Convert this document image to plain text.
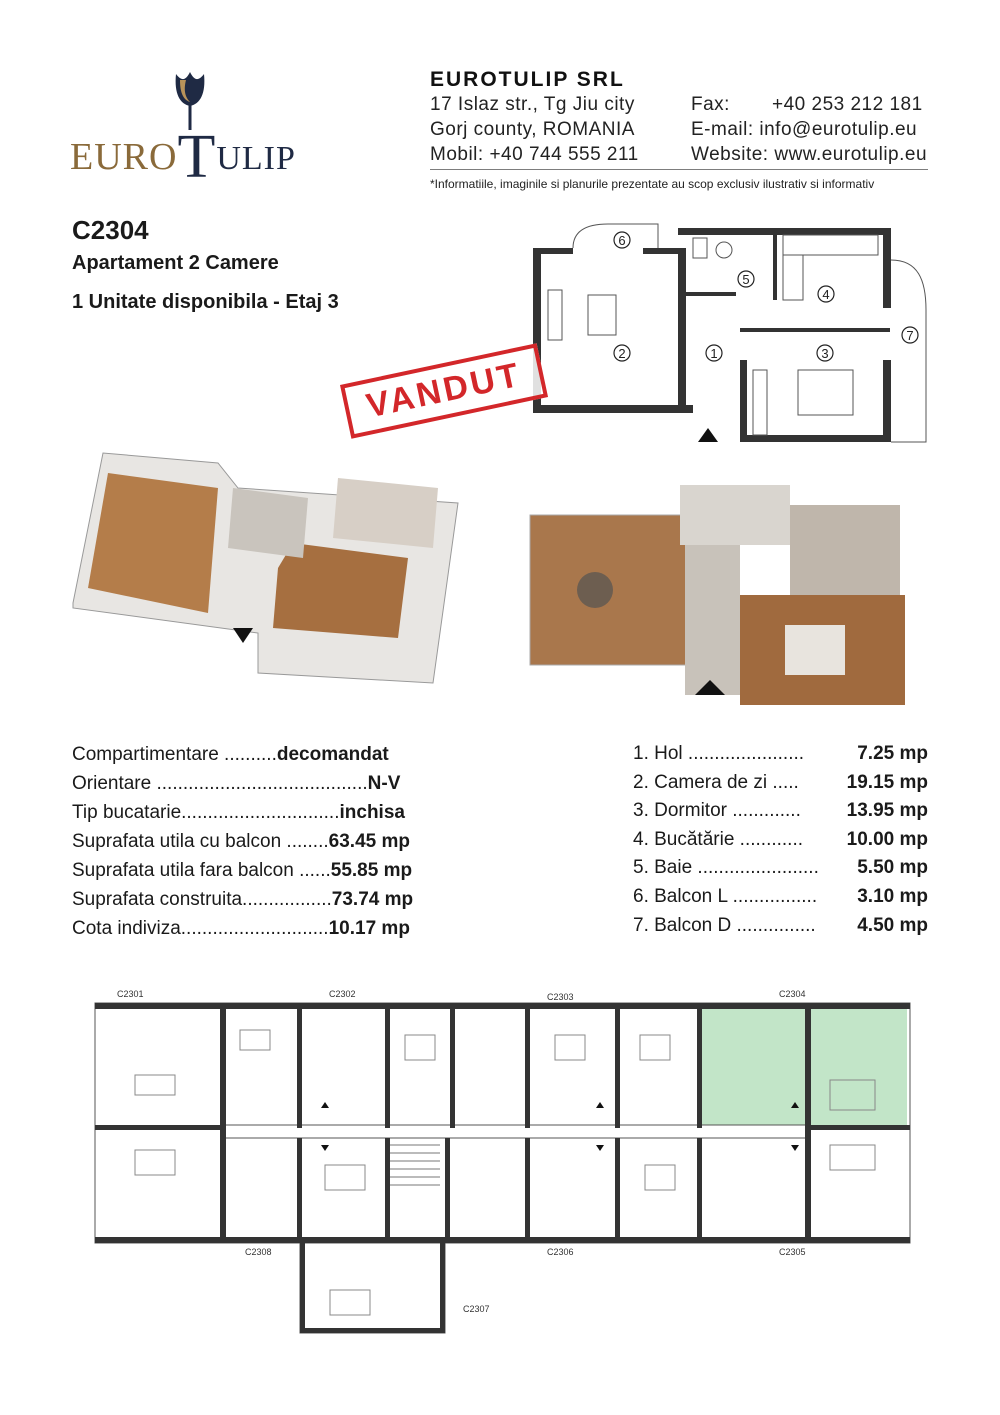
EUROTULIP
EUROTULIP SRL
17 Islaz str., Tg Jiu city
Gorj county, ROMANIA
Mobil: +40 744 555 211
Fax: +40 253 212 181
E-mail: info@eurotulip.eu
Website: www.eurotulip.eu
*Informatiile, imaginile si planurile prezentate au scop exclusiv ilustrativ si informativ
C2304
Apartament 2 Camere
1 Unitate disponibila - Etaj 3
1
2	3
4
5
6
7
VANDUT
Compartimentare ..........decomandat
Orientare ........................................N-V
Tip bucatarie..............................inchisa
Suprafata utila cu balcon ........63.45 mp
Suprafata utila fara balcon ......55.85 mp
Suprafata construita.................73.74 mp
Cota indiviza............................10.17 mp
1. Hol ......................	7.25 mp
2. Camera de zi .....	19.15 mp
3. Dormitor ............. 13.95 mp
4. Bucătărie ............ 10.00 mp
5. Baie ....................... 5.50 mp
6. Balcon L ................ 3.10 mp
7. Balcon D ............... 4.50 mp
C2301	C2302	C2303	C2304
C2305
C2306
C2307
C2308
